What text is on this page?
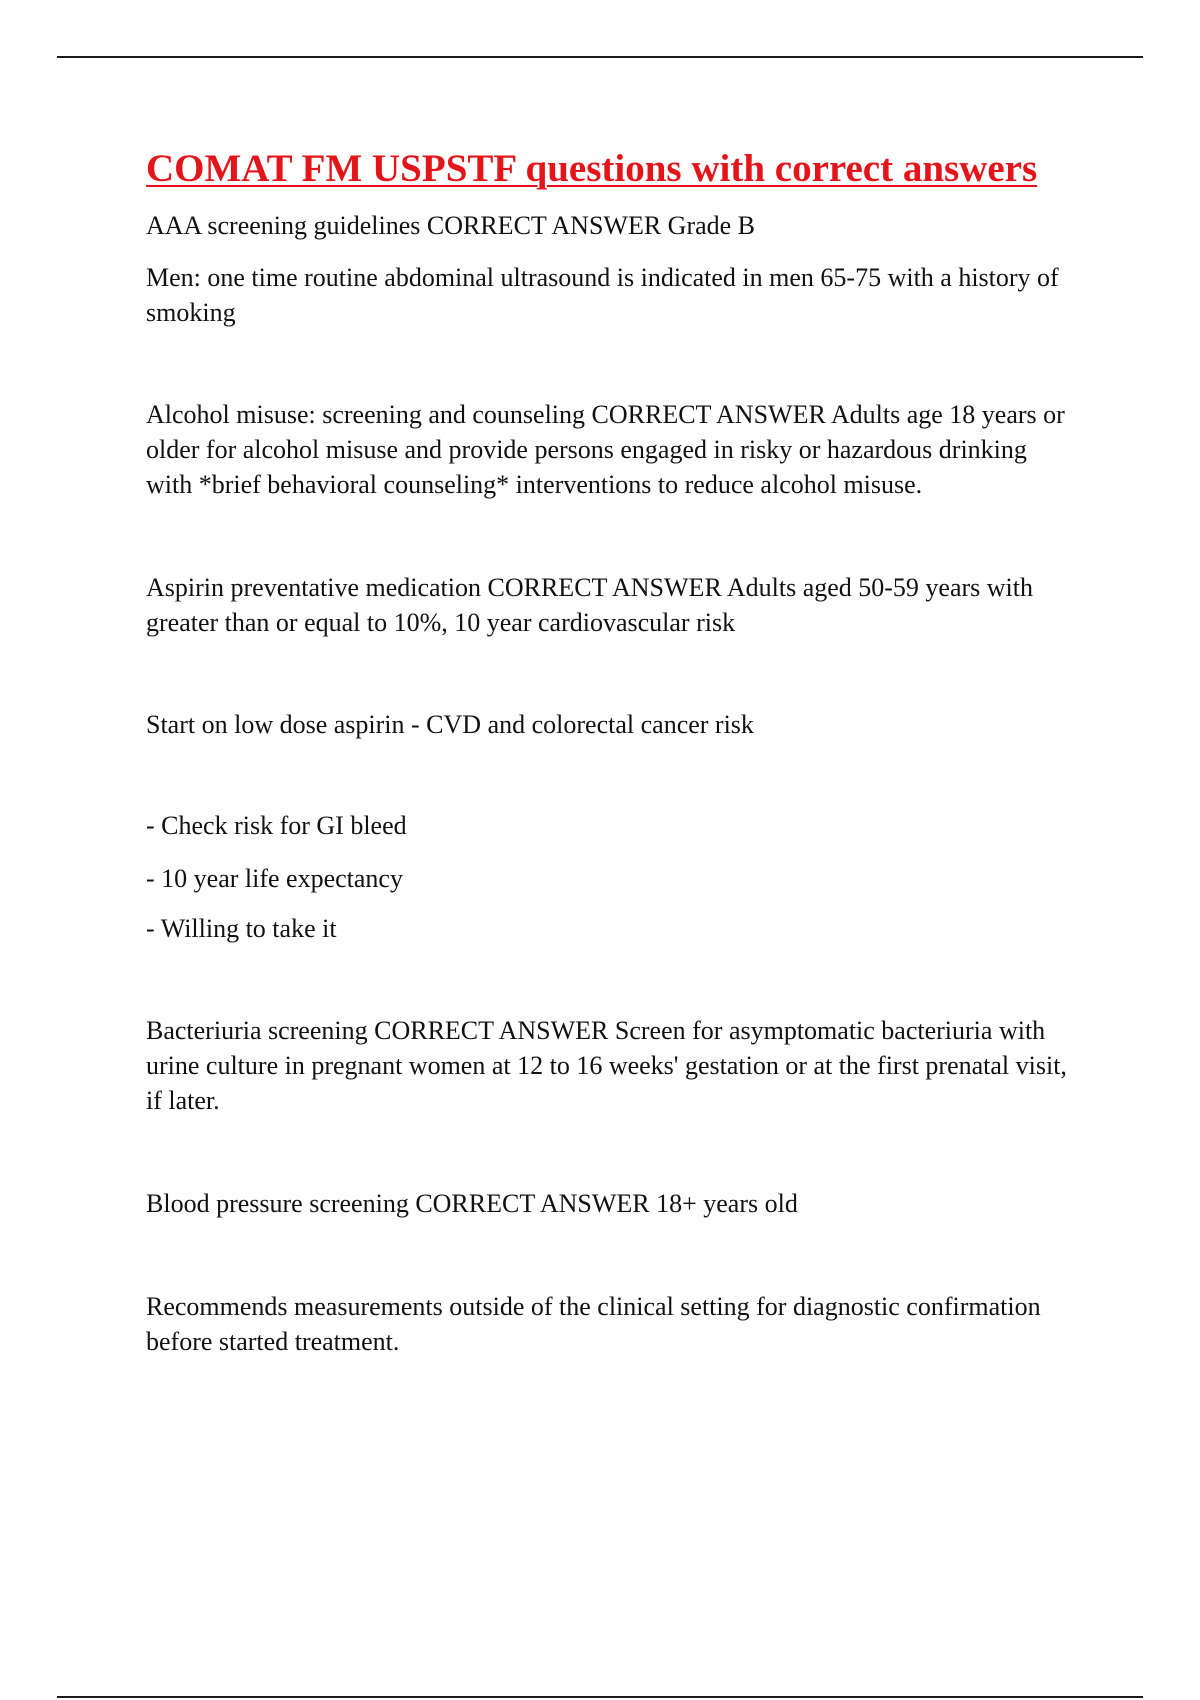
COMAT FM USPSTF questions with correct answers

AAA screening guidelines CORRECT ANSWER Grade B

Men: one time routine abdominal ultrasound is indicated in men 65-75 with a history of smoking

Alcohol misuse: screening and counseling CORRECT ANSWER Adults age 18 years or older for alcohol misuse and provide persons engaged in risky or hazardous drinking with *brief behavioral counseling* interventions to reduce alcohol misuse.

Aspirin preventative medication CORRECT ANSWER Adults aged 50-59 years with greater than or equal to 10%, 10 year cardiovascular risk

Start on low dose aspirin - CVD and colorectal cancer risk

- Check risk for GI bleed

- 10 year life expectancy

- Willing to take it

Bacteriuria screening CORRECT ANSWER Screen for asymptomatic bacteriuria with urine culture in pregnant women at 12 to 16 weeks' gestation or at the first prenatal visit, if later.

Blood pressure screening CORRECT ANSWER 18+ years old

Recommends measurements outside of the clinical setting for diagnostic confirmation before started treatment.
